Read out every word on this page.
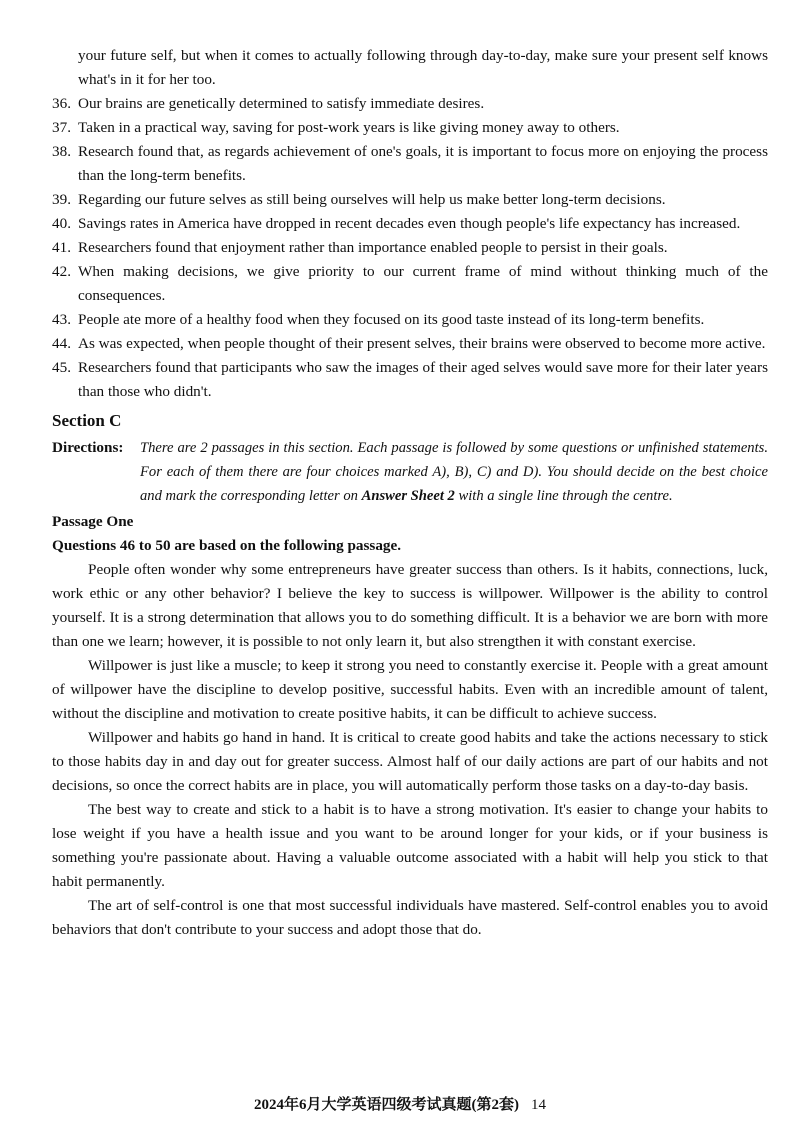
your future self, but when it comes to actually following through day-to-day, make sure your present self knows what's in it for her too.
36. Our brains are genetically determined to satisfy immediate desires.
37. Taken in a practical way, saving for post-work years is like giving money away to others.
38. Research found that, as regards achievement of one's goals, it is important to focus more on enjoying the process than the long-term benefits.
39. Regarding our future selves as still being ourselves will help us make better long-term decisions.
40. Savings rates in America have dropped in recent decades even though people's life expectancy has increased.
41. Researchers found that enjoyment rather than importance enabled people to persist in their goals.
42. When making decisions, we give priority to our current frame of mind without thinking much of the consequences.
43. People ate more of a healthy food when they focused on its good taste instead of its long-term benefits.
44. As was expected, when people thought of their present selves, their brains were observed to become more active.
45. Researchers found that participants who saw the images of their aged selves would save more for their later years than those who didn't.
Section C
Directions: There are 2 passages in this section. Each passage is followed by some questions or unfinished statements. For each of them there are four choices marked A), B), C) and D). You should decide on the best choice and mark the corresponding letter on Answer Sheet 2 with a single line through the centre.
Passage One
Questions 46 to 50 are based on the following passage.

People often wonder why some entrepreneurs have greater success than others. Is it habits, connections, luck, work ethic or any other behavior? I believe the key to success is willpower. Willpower is the ability to control yourself. It is a strong determination that allows you to do something difficult. It is a behavior we are born with more than one we learn; however, it is possible to not only learn it, but also strengthen it with constant exercise.

Willpower is just like a muscle; to keep it strong you need to constantly exercise it. People with a great amount of willpower have the discipline to develop positive, successful habits. Even with an incredible amount of talent, without the discipline and motivation to create positive habits, it can be difficult to achieve success.

Willpower and habits go hand in hand. It is critical to create good habits and take the actions necessary to stick to those habits day in and day out for greater success. Almost half of our daily actions are part of our habits and not decisions, so once the correct habits are in place, you will automatically perform those tasks on a day-to-day basis.

The best way to create and stick to a habit is to have a strong motivation. It's easier to change your habits to lose weight if you have a health issue and you want to be around longer for your kids, or if your business is something you're passionate about. Having a valuable outcome associated with a habit will help you stick to that habit permanently.

The art of self-control is one that most successful individuals have mastered. Self-control enables you to avoid behaviors that don't contribute to your success and adopt those that do.

2024年6月大学英语四级考试真题(第2套) 14
